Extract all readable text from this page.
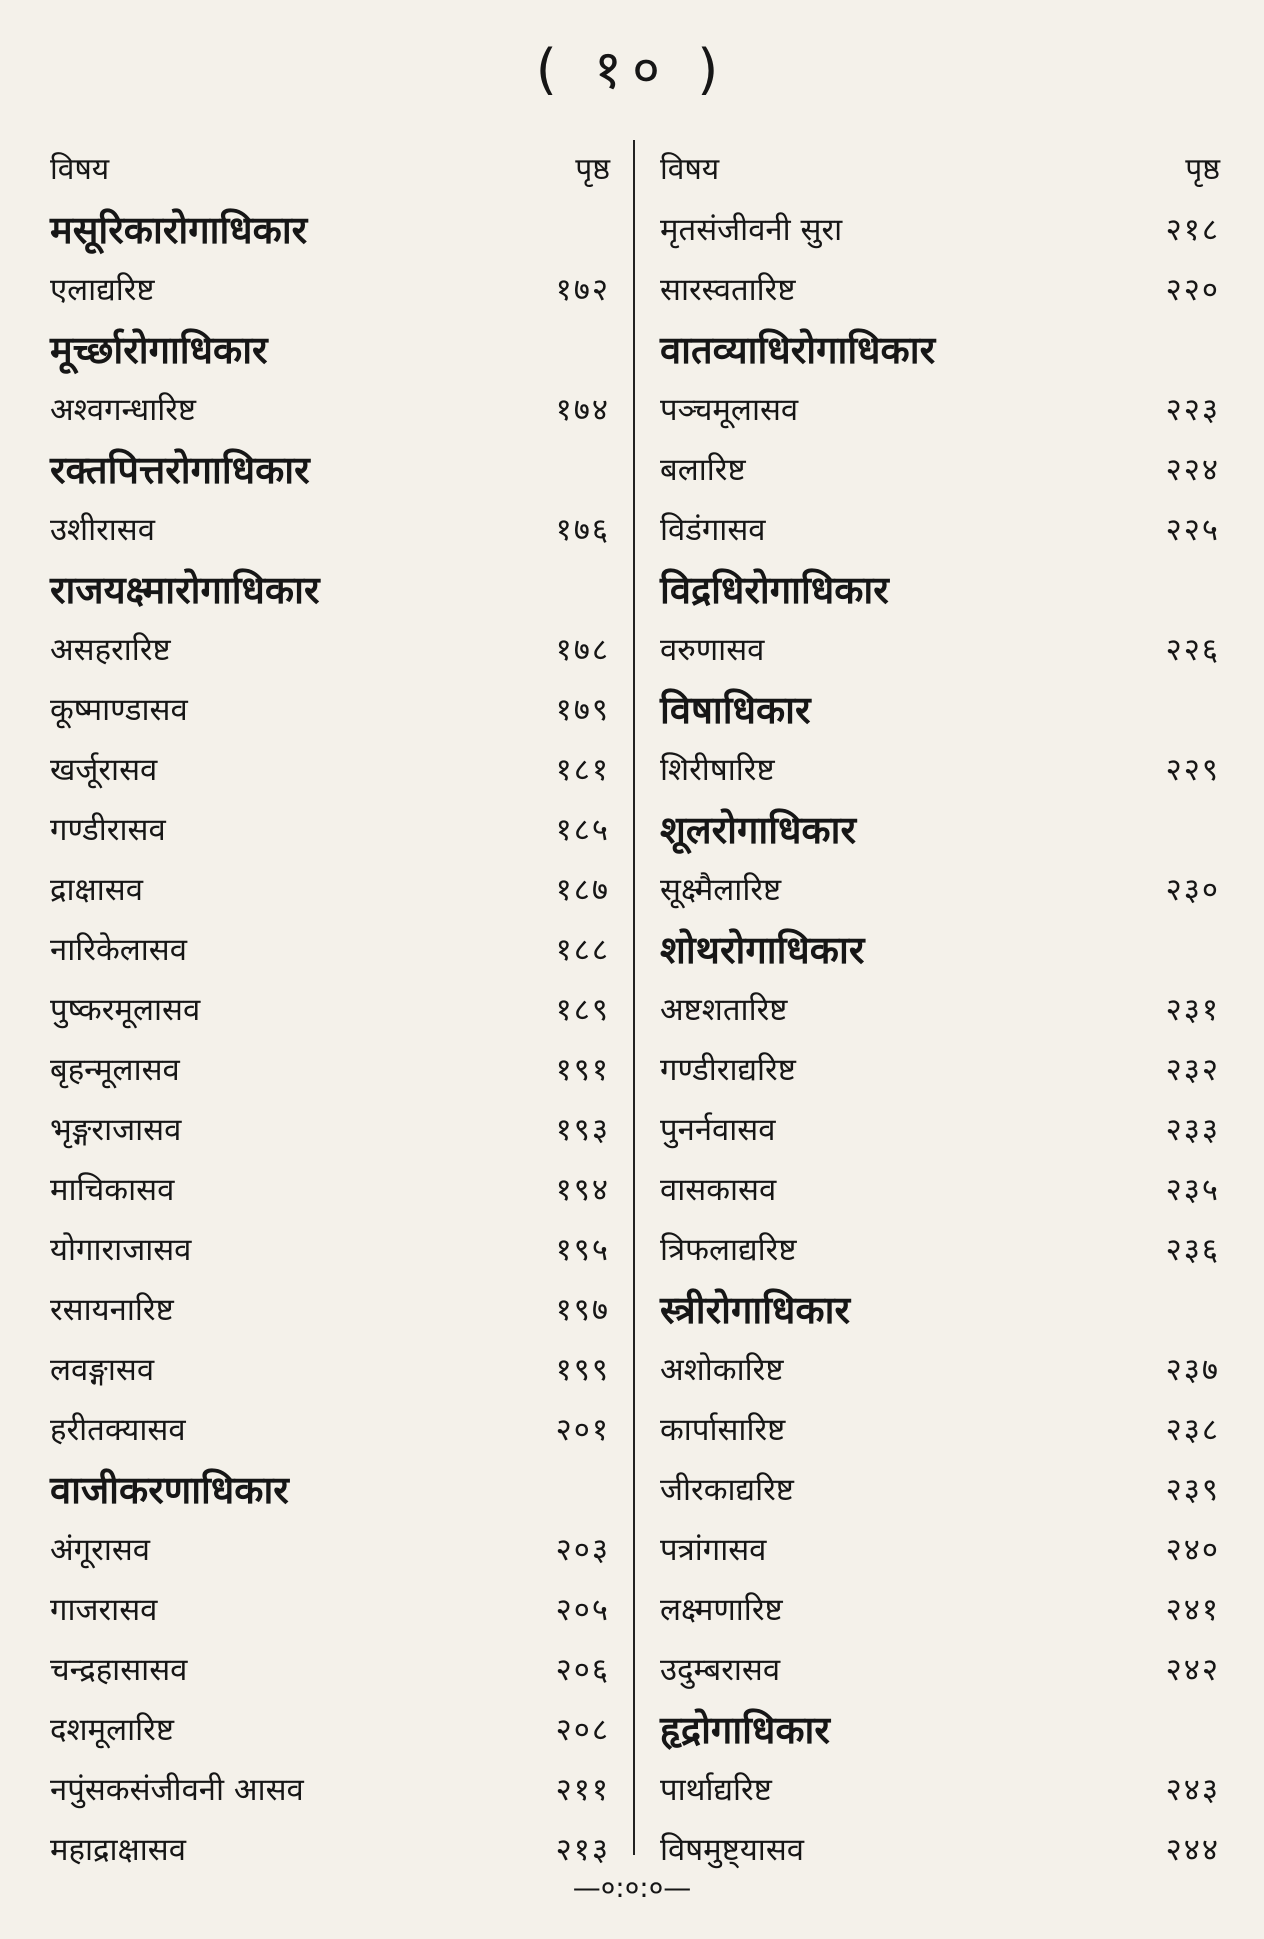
( १० )
विषय	पृष्ठ
मसूरिकारोगाधिकार
एलाद्यरिष्ट	१७२
मूर्च्छारोगाधिकार
अश्वगन्धारिष्ट	१७४
रक्तपित्तरोगाधिकार
उशीरासव	१७६
राजयक्ष्मारोगाधिकार
असहरारिष्ट	१७८
कूष्माण्डासव	१७९
खर्जूरासव	१८१
गण्डीरासव	१८५
द्राक्षासव	१८७
नारिकेलासव	१८८
पुष्करमूलासव	१८९
बृहन्मूलासव	१९१
भृङ्गराजासव	१९३
माचिकासव	१९४
योगाराजासव	१९५
रसायनारिष्ट	१९७
लवङ्गासव	१९९
हरीतक्यासव	२०१
वाजीकरणाधिकार
अंगूरासव	२०३
गाजरासव	२०५
चन्द्रहासासव	२०६
दशमूलारिष्ट	२०८
नपुंसकसंजीवनी आसव	२११
महाद्राक्षासव	२१३
विषय	पृष्ठ
मृतसंजीवनी सुरा	२१८
सारस्वतारिष्ट	२२०
वातव्याधिरोगाधिकार
पञ्चमूलासव	२२३
बलारिष्ट	२२४
विडंगासव	२२५
विद्रधिरोगाधिकार
वरुणासव	२२६
विषाधिकार
शिरीषारिष्ट	२२९
शूलरोगाधिकार
सूक्ष्मैलारिष्ट	२३०
शोथरोगाधिकार
अष्टशतारिष्ट	२३१
गण्डीराद्यरिष्ट	२३२
पुनर्नवासव	२३३
वासकासव	२३५
त्रिफलाद्यरिष्ट	२३६
स्त्रीरोगाधिकार
अशोकारिष्ट	२३७
कार्पासारिष्ट	२३८
जीरकाद्यरिष्ट	२३९
पत्रांगासव	२४०
लक्ष्मणारिष्ट	२४१
उदुम्बरासव	२४२
हृद्रोगाधिकार
पार्थाद्यरिष्ट	२४३
विषमुष्ट्यासव	२४४
—०:०:०—
